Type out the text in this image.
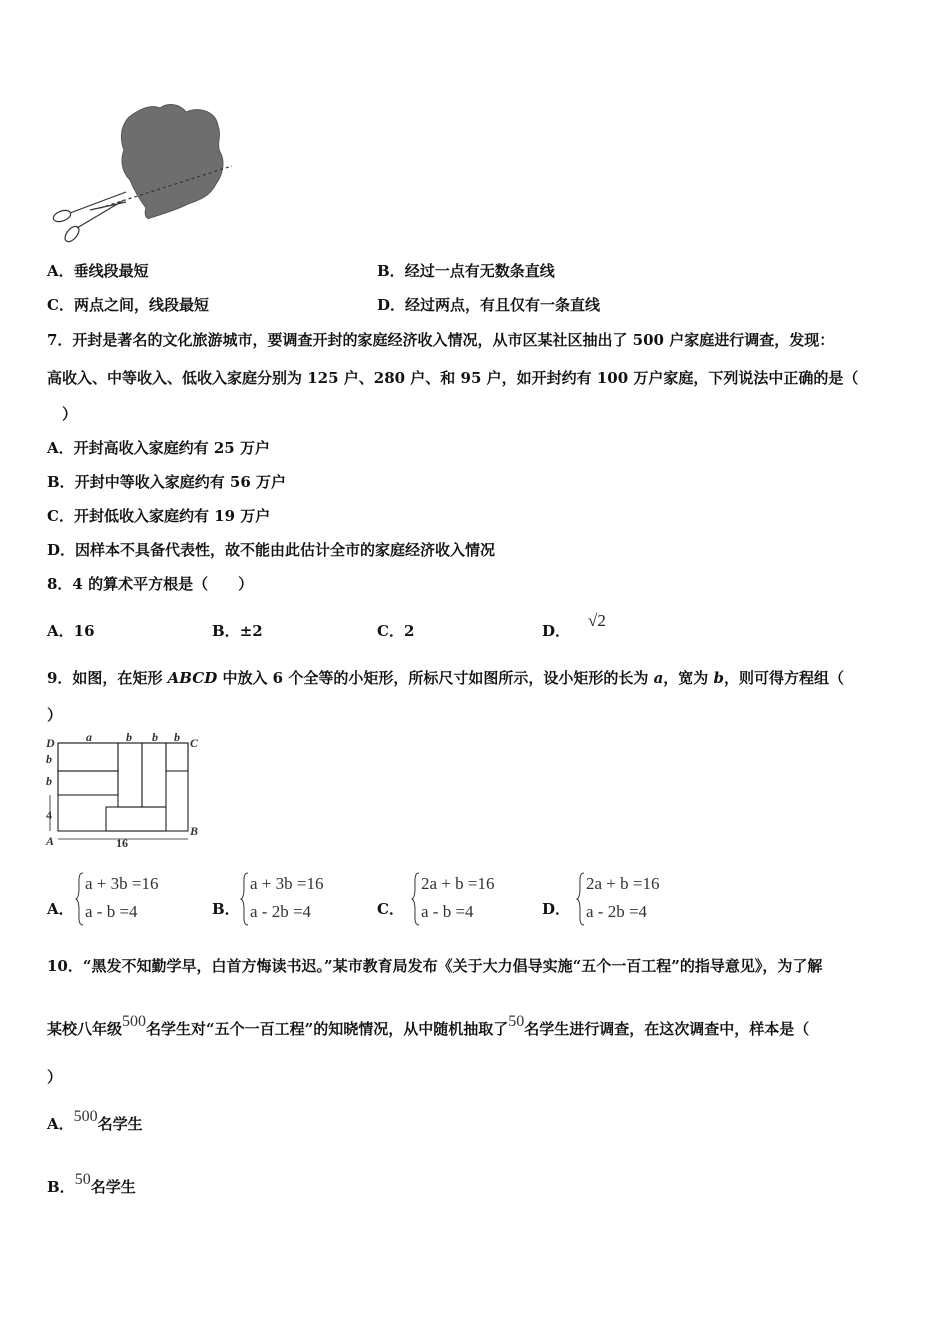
A．垂线段最短	B．经过一点有无数条直线
C．两点之间，线段最短	D．经过两点，有且仅有一条直线
7．开封是著名的文化旅游城市，要调查开封的家庭经济收入情况，从市区某社区抽出了 500 户家庭进行调查，发现：
高收入、中等收入、低收入家庭分别为 125 户、280 户、和 95 户，如开封约有 100 万户家庭，下列说法中正确的是（
）
A．开封高收入家庭约有 25 万户
B．开封中等收入家庭约有 56 万户
C．开封低收入家庭约有 19 万户
D．因样本不具备代表性，故不能由此估计全市的家庭经济收入情况
8．4 的算术平方根是（　　）
A．16	B．±2	C．2	D．√2
9．如图，在矩形 ABCD 中放入 6 个全等的小矩形，所标尺寸如图所示，设小矩形的长为 a，宽为 b，则可得方程组（
）
D	C
A
B
a	b b b
b
b
4
16
A．
a + 3b =16
a - b =4	B．
a + 3b =16
a - 2b =4	C．
2a + b =16
a - b =4	D．
2a + b =16
a - 2b =4
10．“黑发不知勤学早，白首方悔读书迟。”某市教育局发布《关于大力倡导实施“五个一百工程”的指导意见》，为了解
某校八年级500名学生对“五个一百工程”的知晓情况，从中随机抽取了50名学生进行调查，在这次调查中，样本是（
）
A．500名学生
B．50名学生
